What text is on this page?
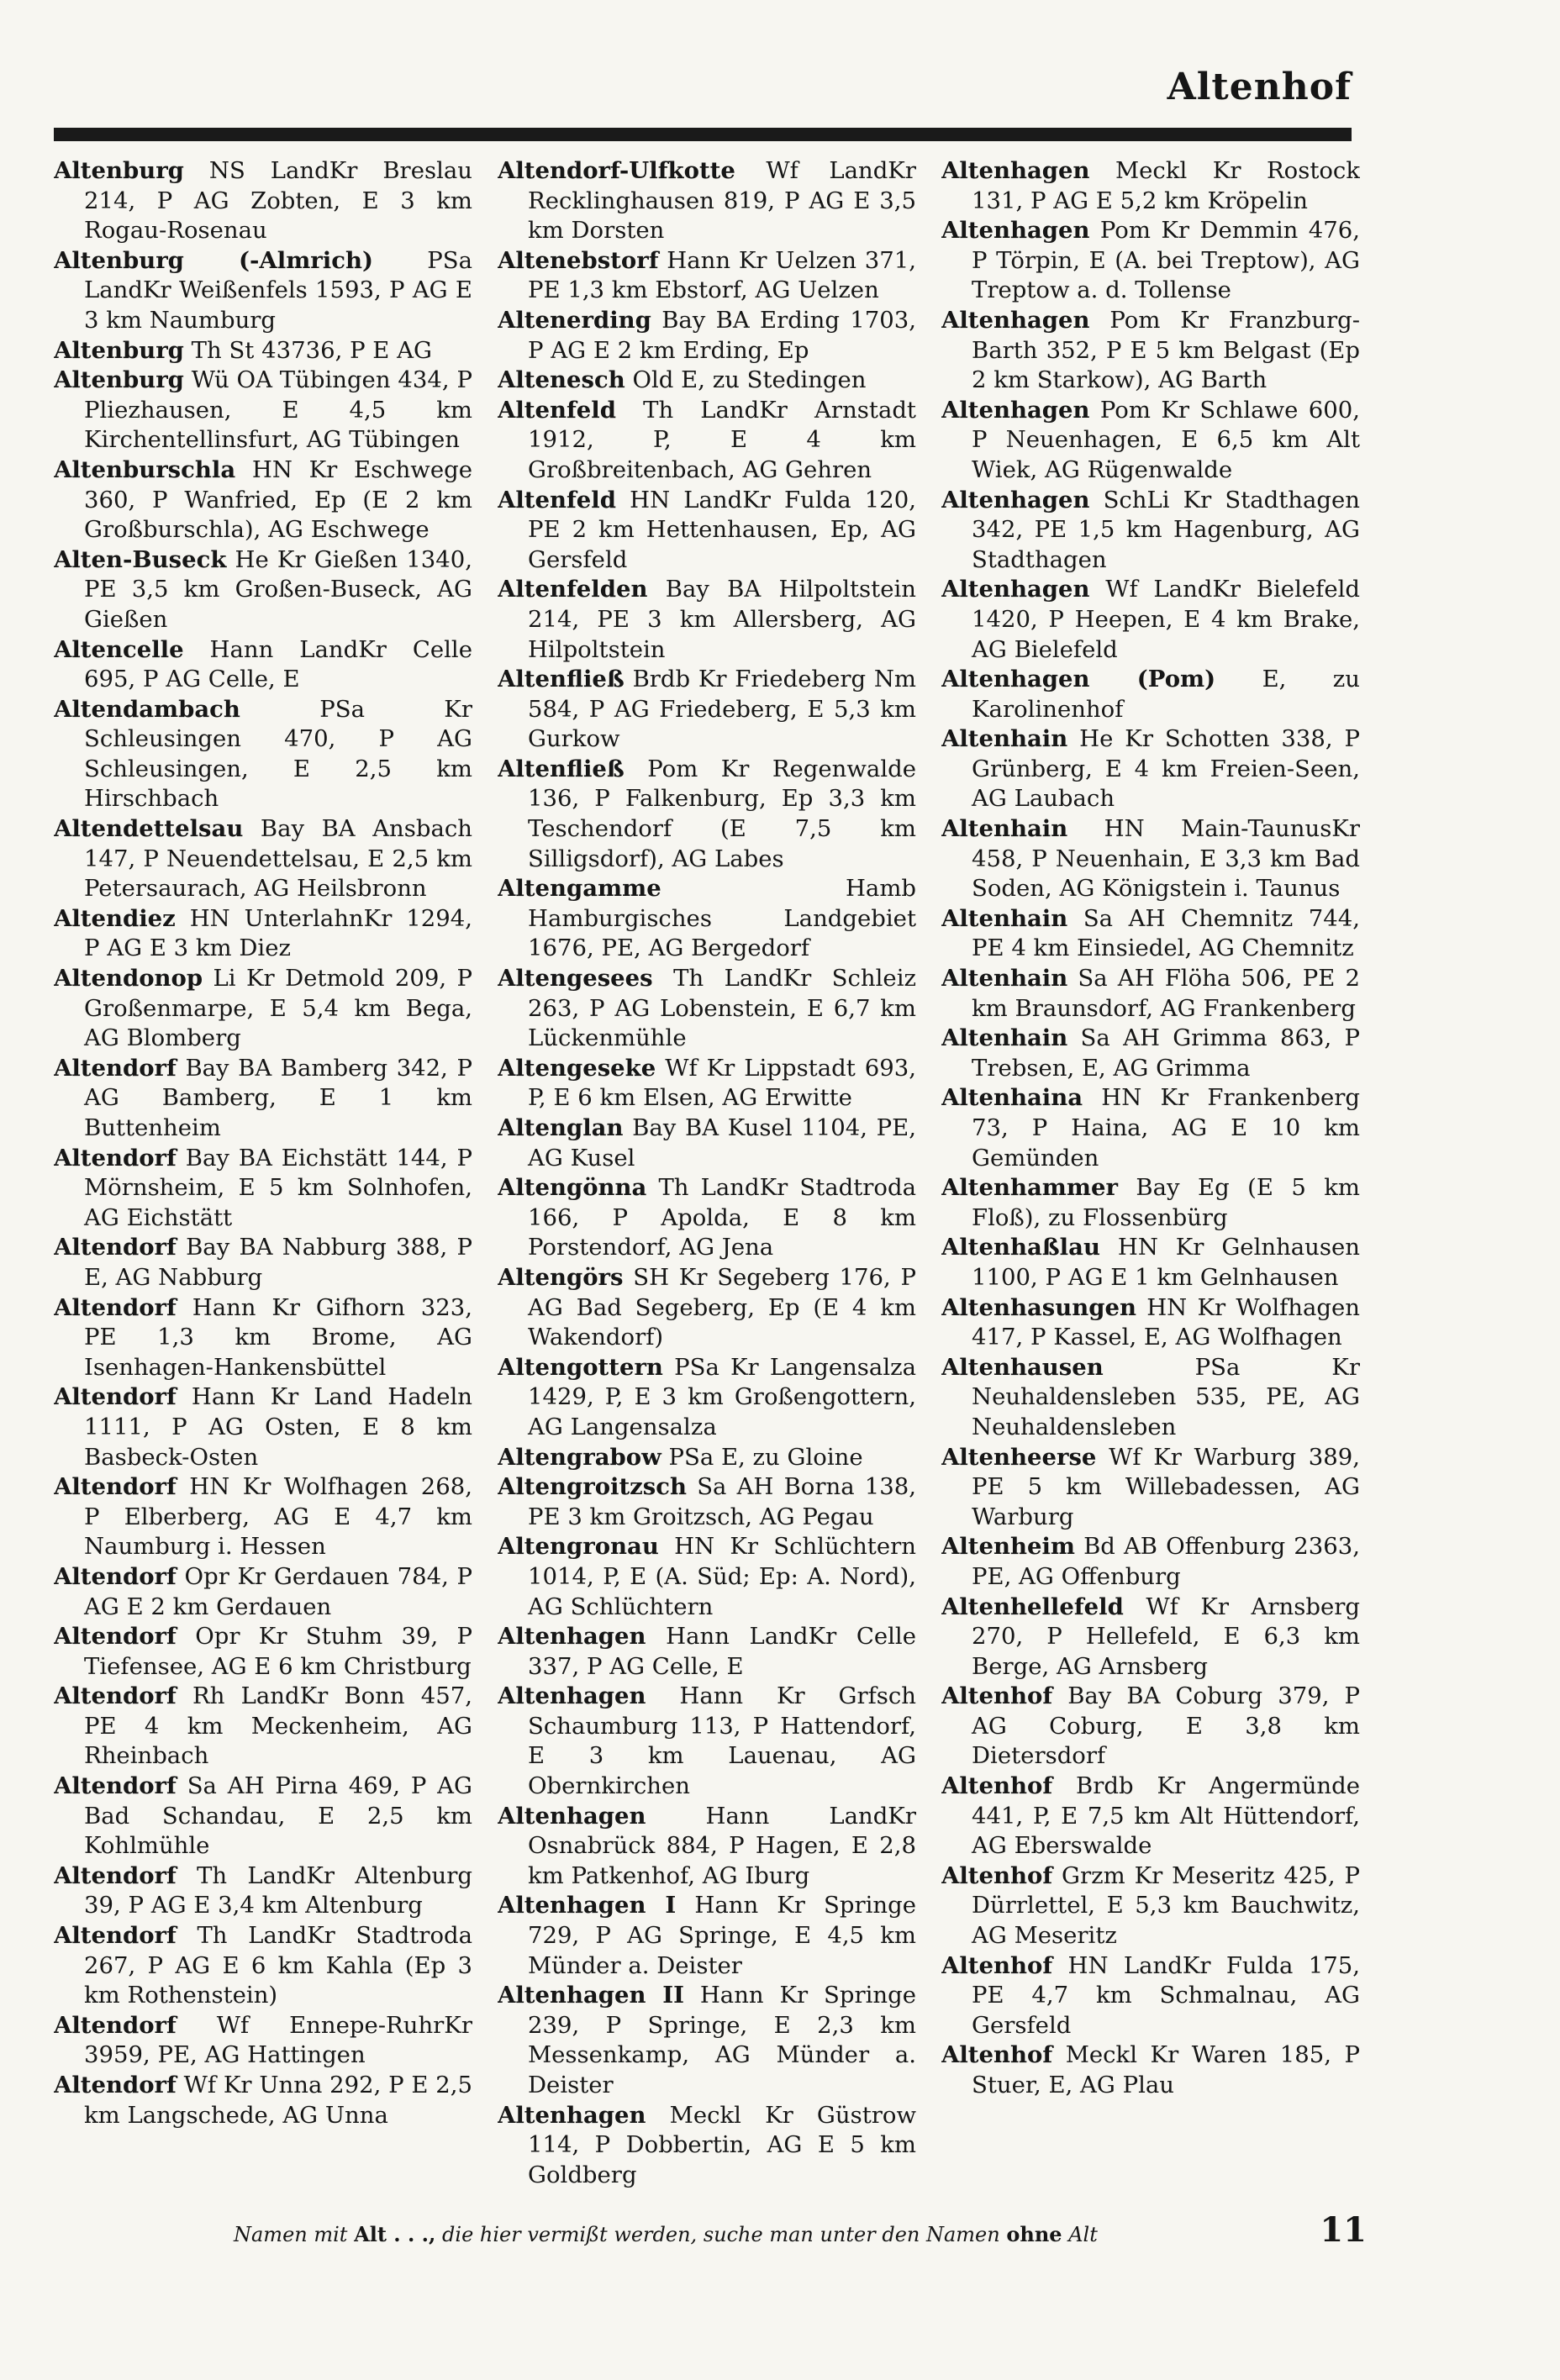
Altenhof

Altenburg NS LandKr Breslau 214, P AG Zobten, E 3 km Rogau-Rosenau

Altenburg (-Almrich) PSa LandKr Weißenfels 1593, P AG E 3 km Naumburg

Altenburg Th St 43736, P E AG

Altenburg Wü OA Tübingen 434, P Pliezhausen, E 4,5 km Kirchentellinsfurt, AG Tübingen

Altenburschla HN Kr Eschwege 360, P Wanfried, Ep (E 2 km Großburschla), AG Eschwege

Alten-Buseck He Kr Gießen 1340, PE 3,5 km Großen-Buseck, AG Gießen

Altencelle Hann LandKr Celle 695, P AG Celle, E

Altendambach	PSa Kr Schleusingen 470, P AG Schleusingen, E 2,5 km Hirschbach

Altendettelsau Bay BA Ansbach 147, P Neuendettelsau, E 2,5 km Petersaurach, AG Heilsbronn

Altendiez HN UnterlahnKr 1294, P AG E 3 km Diez

Altendonop Li Kr Detmold 209, P Großenmarpe, E 5,4 km Bega, AG Blomberg

Altendorf Bay BA Bamberg 342, P AG Bamberg, E 1 km Buttenheim

Altendorf Bay BA Eichstätt 144, P Mörnsheim, E 5 km Solnhofen, AG Eichstätt

Altendorf Bay BA Nabburg 388, P E, AG Nabburg

Altendorf Hann Kr Gifhorn 323, PE 1,3 km Brome, AG Isenhagen-Hankensbüttel

Altendorf Hann Kr Land Hadeln 1111, P AG Osten, E 8 km Basbeck-Osten

Altendorf HN Kr Wolfhagen 268, P Elberberg, AG E 4,7 km Naumburg i. Hessen

Altendorf Opr Kr Gerdauen 784, P AG E 2 km Gerdauen

Altendorf Opr Kr Stuhm 39, P Tiefensee, AG E 6 km Christburg

Altendorf Rh LandKr Bonn 457, PE 4 km Meckenheim, AG Rheinbach

Altendorf Sa AH Pirna 469, P AG Bad Schandau, E 2,5 km Kohlmühle

Altendorf Th LandKr Altenburg 39, P AG E 3,4 km Altenburg

Altendorf Th LandKr Stadtroda 267, P AG E 6 km Kahla (Ep 3 km Rothenstein)

Altendorf Wf Ennepe-RuhrKr 3959, PE, AG Hattingen

Altendorf Wf Kr Unna 292, P E 2,5 km Langschede, AG Unna

Altendorf-Ulfkotte Wf LandKr Recklinghausen 819, P AG E 3,5 km Dorsten

Altenebstorf Hann Kr Uelzen 371, PE 1,3 km Ebstorf, AG Uelzen

Altenerding Bay BA Erding 1703, P AG E 2 km Erding, Ep

Altenesch Old E, zu Stedingen

Altenfeld Th LandKr Arnstadt 1912, P, E 4 km Großbreitenbach, AG Gehren

Altenfeld HN LandKr Fulda 120, PE 2 km Hettenhausen, Ep, AG Gersfeld

Altenfelden Bay BA Hilpoltstein 214, PE 3 km Allersberg, AG Hilpoltstein

Altenfließ Brdb Kr Friedeberg Nm 584, P AG Friedeberg, E 5,3 km Gurkow

Altenfließ Pom Kr Regenwalde 136, P Falkenburg, Ep 3,3 km Teschendorf (E 7,5 km Silligsdorf), AG Labes

Altengamme	Hamb Hamburgisches Landgebiet 1676, PE, AG Bergedorf

Altengesees Th LandKr Schleiz 263, P AG Lobenstein, E 6,7 km Lückenmühle

Altengeseke Wf Kr Lippstadt 693, P, E 6 km Elsen, AG Erwitte

Altenglan Bay BA Kusel 1104, PE, AG Kusel

Altengönna Th LandKr Stadtroda 166, P Apolda, E 8 km Porstendorf, AG Jena

Altengörs SH Kr Segeberg 176, P AG Bad Segeberg, Ep (E 4 km Wakendorf)

Altengottern PSa Kr Langensalza 1429, P, E 3 km Großengottern, AG Langensalza

Altengrabow PSa E, zu Gloine

Altengroitzsch Sa AH Borna 138, PE 3 km Groitzsch, AG Pegau

Altengronau HN Kr Schlüchtern 1014, P, E (A. Süd; Ep: A. Nord), AG Schlüchtern

Altenhagen Hann LandKr Celle 337, P AG Celle, E

Altenhagen Hann Kr Grfsch Schaumburg 113, P Hattendorf, E 3 km Lauenau, AG Obernkirchen

Altenhagen	Hann LandKr Osnabrück 884, P Hagen, E 2,8 km Patkenhof, AG Iburg

Altenhagen I Hann Kr Springe 729, P AG Springe, E 4,5 km Münder a. Deister

Altenhagen II Hann Kr Springe 239, P Springe, E 2,3 km Messenkamp, AG Münder a. Deister

Altenhagen Meckl Kr Güstrow 114, P Dobbertin, AG E 5 km Goldberg

Altenhagen Meckl Kr Rostock 131, P AG E 5,2 km Kröpelin

Altenhagen Pom Kr Demmin 476, P Törpin, E (A. bei Treptow), AG Treptow a. d. Tollense

Altenhagen Pom Kr Franzburg-Barth 352, P E 5 km Belgast (Ep 2 km Starkow), AG Barth

Altenhagen Pom Kr Schlawe 600, P Neuenhagen, E 6,5 km Alt Wiek, AG Rügenwalde

Altenhagen SchLi Kr Stadthagen 342, PE 1,5 km Hagenburg, AG Stadthagen

Altenhagen Wf LandKr Bielefeld 1420, P Heepen, E 4 km Brake, AG Bielefeld

Altenhagen (Pom) E, zu Karolinenhof

Altenhain He Kr Schotten 338, P Grünberg, E 4 km Freien-Seen, AG Laubach

Altenhain HN Main-TaunusKr 458, P Neuenhain, E 3,3 km Bad Soden, AG Königstein i. Taunus

Altenhain Sa AH Chemnitz 744, PE 4 km Einsiedel, AG Chemnitz

Altenhain Sa AH Flöha 506, PE 2 km Braunsdorf, AG Frankenberg

Altenhain Sa AH Grimma 863, P Trebsen, E, AG Grimma

Altenhaina HN Kr Frankenberg 73, P Haina, AG E 10 km Gemünden

Altenhammer Bay Eg (E 5 km Floß), zu Flossenbürg

Altenhaßlau HN Kr Gelnhausen 1100, P AG E 1 km Gelnhausen

Altenhasungen HN Kr Wolfhagen 417, P Kassel, E, AG Wolfhagen

Altenhausen	PSa Kr Neuhaldensleben 535, PE, AG Neuhaldensleben

Altenheerse Wf Kr Warburg 389, PE 5 km Willebadessen, AG Warburg

Altenheim Bd AB Offenburg 2363, PE, AG Offenburg

Altenhellefeld Wf Kr Arnsberg 270, P Hellefeld, E 6,3 km Berge, AG Arnsberg

Altenhof Bay BA Coburg 379, P AG Coburg, E 3,8 km Dietersdorf

Altenhof Brdb Kr Angermünde 441, P, E 7,5 km Alt Hüttendorf, AG Eberswalde

Altenhof Grzm Kr Meseritz 425, P Dürrlettel, E 5,3 km Bauchwitz, AG Meseritz

Altenhof HN LandKr Fulda 175, PE 4,7 km Schmalnau, AG Gersfeld

Altenhof Meckl Kr Waren 185, P Stuer, E, AG Plau

Namen mit Alt . . ., die hier vermißt werden, suche man unter den Namen ohne Alt	11
